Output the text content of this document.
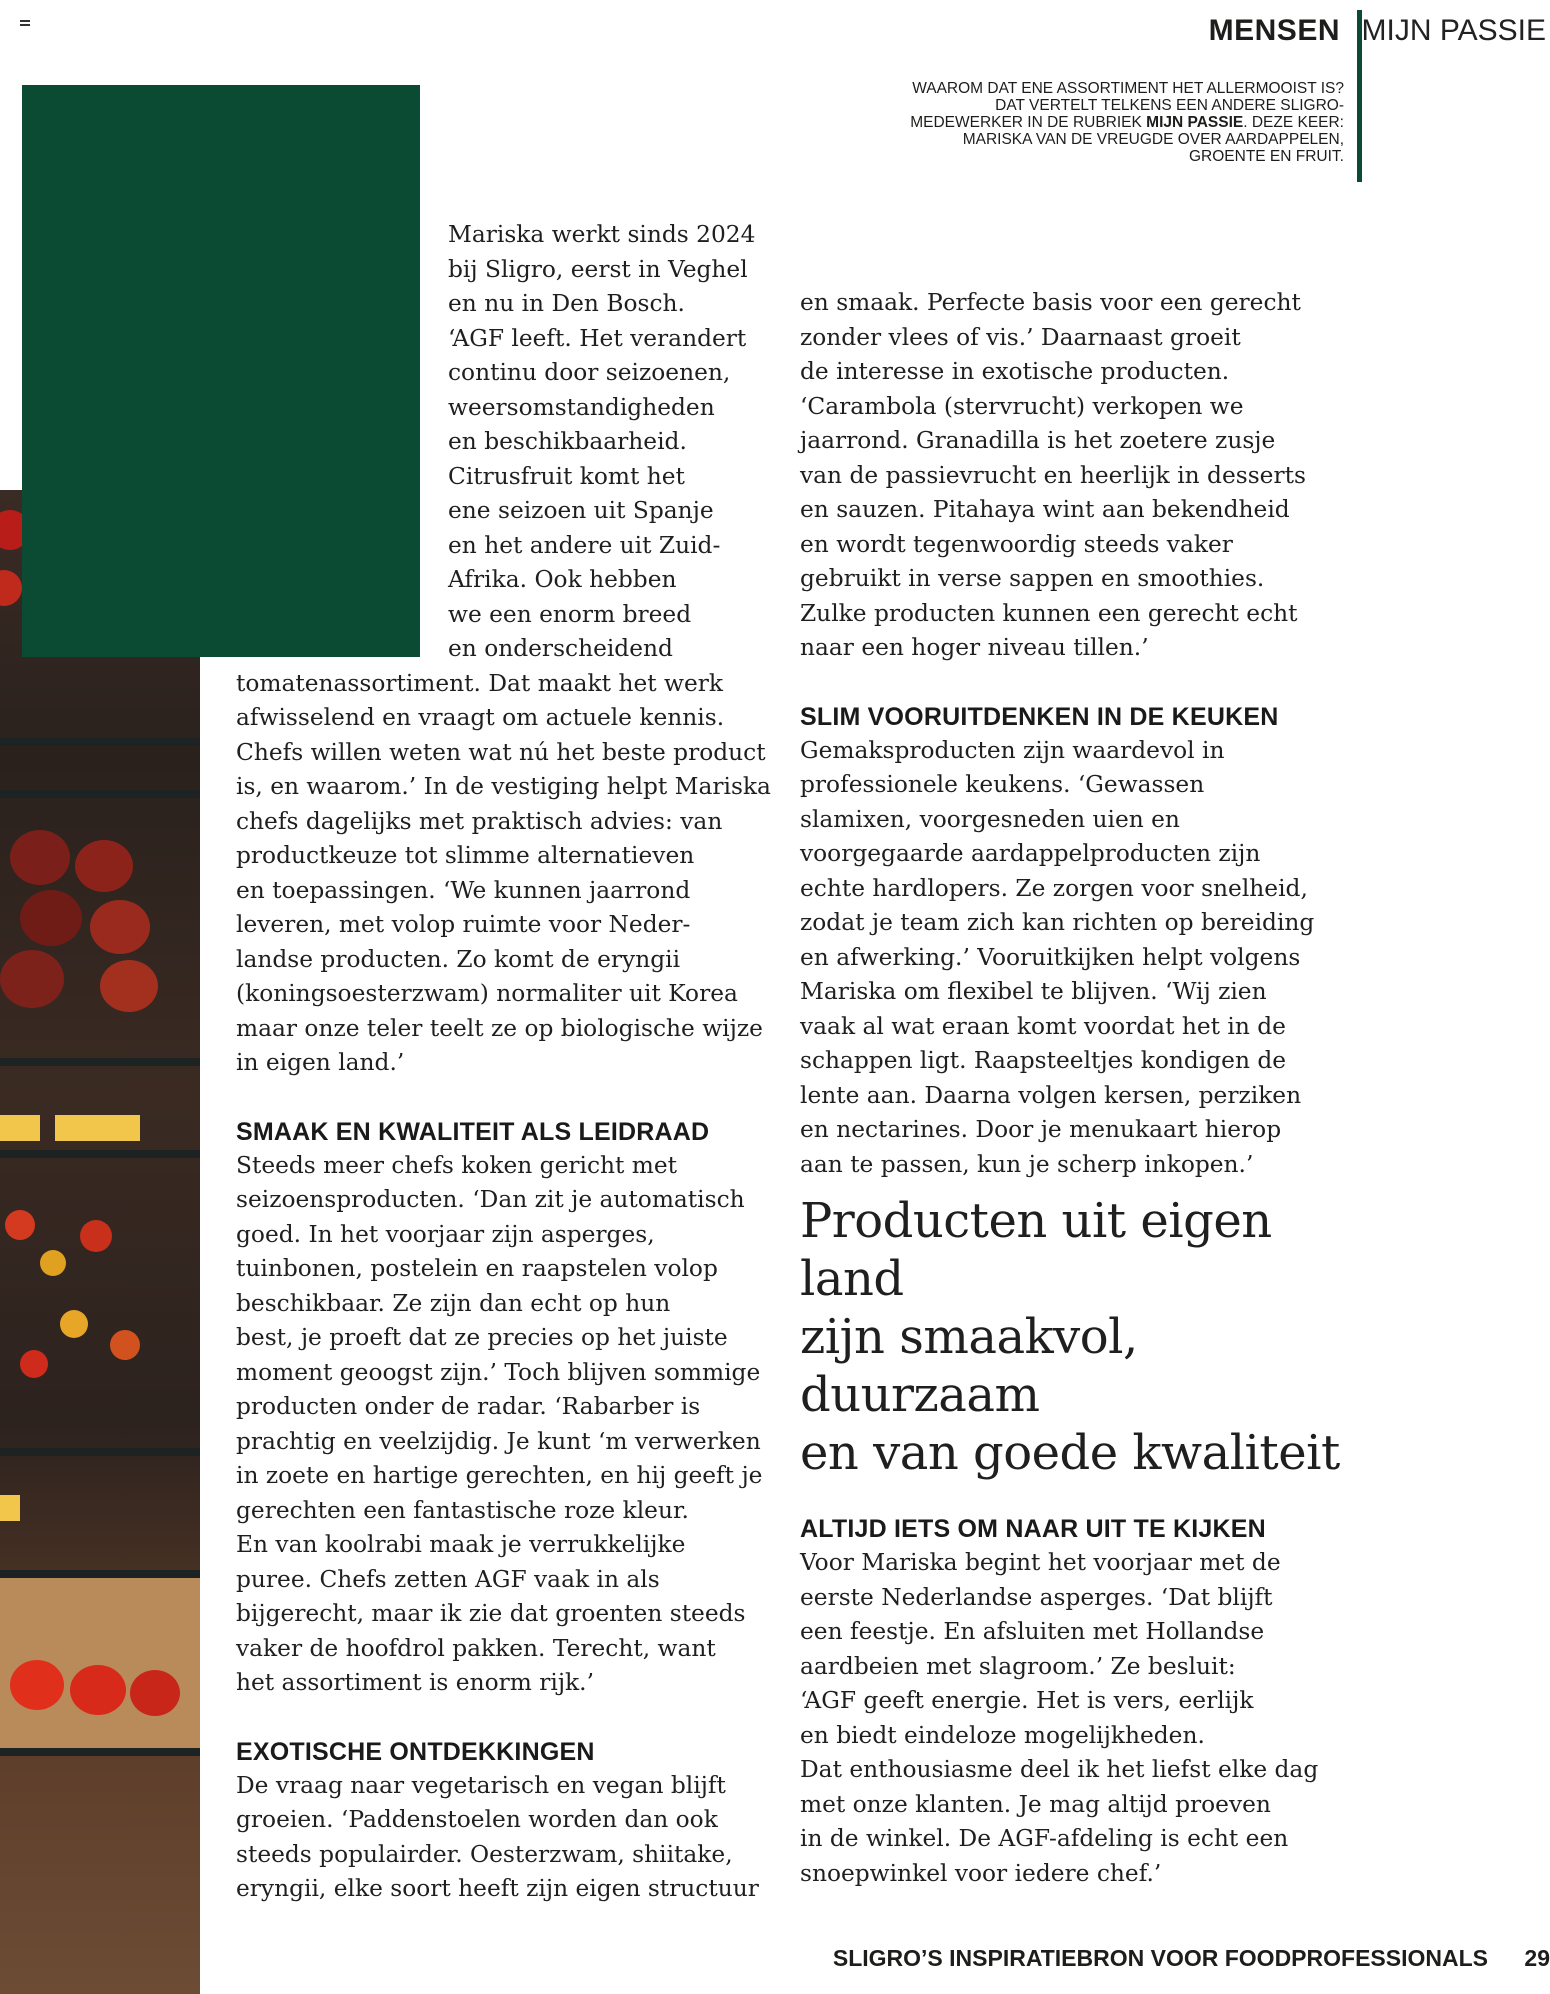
MENSEN MIJN PASSIE

WAAROM DAT ENE ASSORTIMENT HET ALLERMOOIST IS? DAT VERTELT TELKENS EEN ANDERE SLIGRO-MEDEWERKER IN DE RUBRIEK MIJN PASSIE. DEZE KEER: MARISKA VAN DE VREUGDE OVER AARDAPPELEN, GROENTE EN FRUIT.

Mariska werkt sinds 2024
bij Sligro, eerst in Veghel
en nu in Den Bosch.
‘AGF leeft. Het verandert
continu door seizoenen,
weersomstandigheden
en beschikbaarheid.
Citrusfruit komt het
ene seizoen uit Spanje
en het andere uit Zuid-
Afrika. Ook hebben
we een enorm breed
en onderscheidend
tomatenassortiment. Dat maakt het werk
afwisselend en vraagt om actuele kennis.
Chefs willen weten wat nú het beste product
is, en waarom.’ In de vestiging helpt Mariska
chefs dagelijks met praktisch advies: van
productkeuze tot slimme alternatieven
en toepassingen. ‘We kunnen jaarrond
leveren, met volop ruimte voor Neder-
landse producten. Zo komt de eryngii
(koningsoesterzwam) normaliter uit Korea
maar onze teler teelt ze op biologische wijze
in eigen land.’
SMAAK EN KWALITEIT ALS LEIDRAAD
Steeds meer chefs koken gericht met
seizoensproducten. ‘Dan zit je automatisch
goed. In het voorjaar zijn asperges,
tuinbonen, postelein en raapstelen volop
beschikbaar. Ze zijn dan echt op hun
best, je proeft dat ze precies op het juiste
moment geoogst zijn.’ Toch blijven sommige
producten onder de radar. ‘Rabarber is
prachtig en veelzijdig. Je kunt ‘m verwerken
in zoete en hartige gerechten, en hij geeft je
gerechten een fantastische roze kleur.
En van koolrabi maak je verrukkelijke
puree. Chefs zetten AGF vaak in als
bijgerecht, maar ik zie dat groenten steeds
vaker de hoofdrol pakken. Terecht, want
het assortiment is enorm rijk.’
EXOTISCHE ONTDEKKINGEN
De vraag naar vegetarisch en vegan blijft
groeien. ‘Paddenstoelen worden dan ook
steeds populairder. Oesterzwam, shiitake,
eryngii, elke soort heeft zijn eigen structuur
en smaak. Perfecte basis voor een gerecht
zonder vlees of vis.’ Daarnaast groeit
de interesse in exotische producten.
‘Carambola (stervrucht) verkopen we
jaarrond. Granadilla is het zoetere zusje
van de passievrucht en heerlijk in desserts
en sauzen. Pitahaya wint aan bekendheid
en wordt tegenwoordig steeds vaker
gebruikt in verse sappen en smoothies.
Zulke producten kunnen een gerecht echt
naar een hoger niveau tillen.’
SLIM VOORUITDENKEN IN DE KEUKEN
Gemaksproducten zijn waardevol in
professionele keukens. ‘Gewassen
slamixen, voorgesneden uien en
voorgegaarde aardappelproducten zijn
echte hardlopers. Ze zorgen voor snelheid,
zodat je team zich kan richten op bereiding
en afwerking.’ Vooruitkijken helpt volgens
Mariska om flexibel te blijven. ‘Wij zien
vaak al wat eraan komt voordat het in de
schappen ligt. Raapsteeltjes kondigen de
lente aan. Daarna volgen kersen, perziken
en nectarines. Door je menukaart hierop
aan te passen, kun je scherp inkopen.’
Producten uit eigen land
zijn smaakvol, duurzaam
en van goede kwaliteit
ALTIJD IETS OM NAAR UIT TE KIJKEN
Voor Mariska begint het voorjaar met de
eerste Nederlandse asperges. ‘Dat blijft
een feestje. En afsluiten met Hollandse
aardbeien met slagroom.’ Ze besluit:
‘AGF geeft energie. Het is vers, eerlijk
en biedt eindeloze mogelijkheden.
Dat enthousiasme deel ik het liefst elke dag
met onze klanten. Je mag altijd proeven
in de winkel. De AGF-afdeling is echt een
snoepwinkel voor iedere chef.’
SLIGRO’S INSPIRATIEBRON VOOR FOODPROFESSIONALS 29
